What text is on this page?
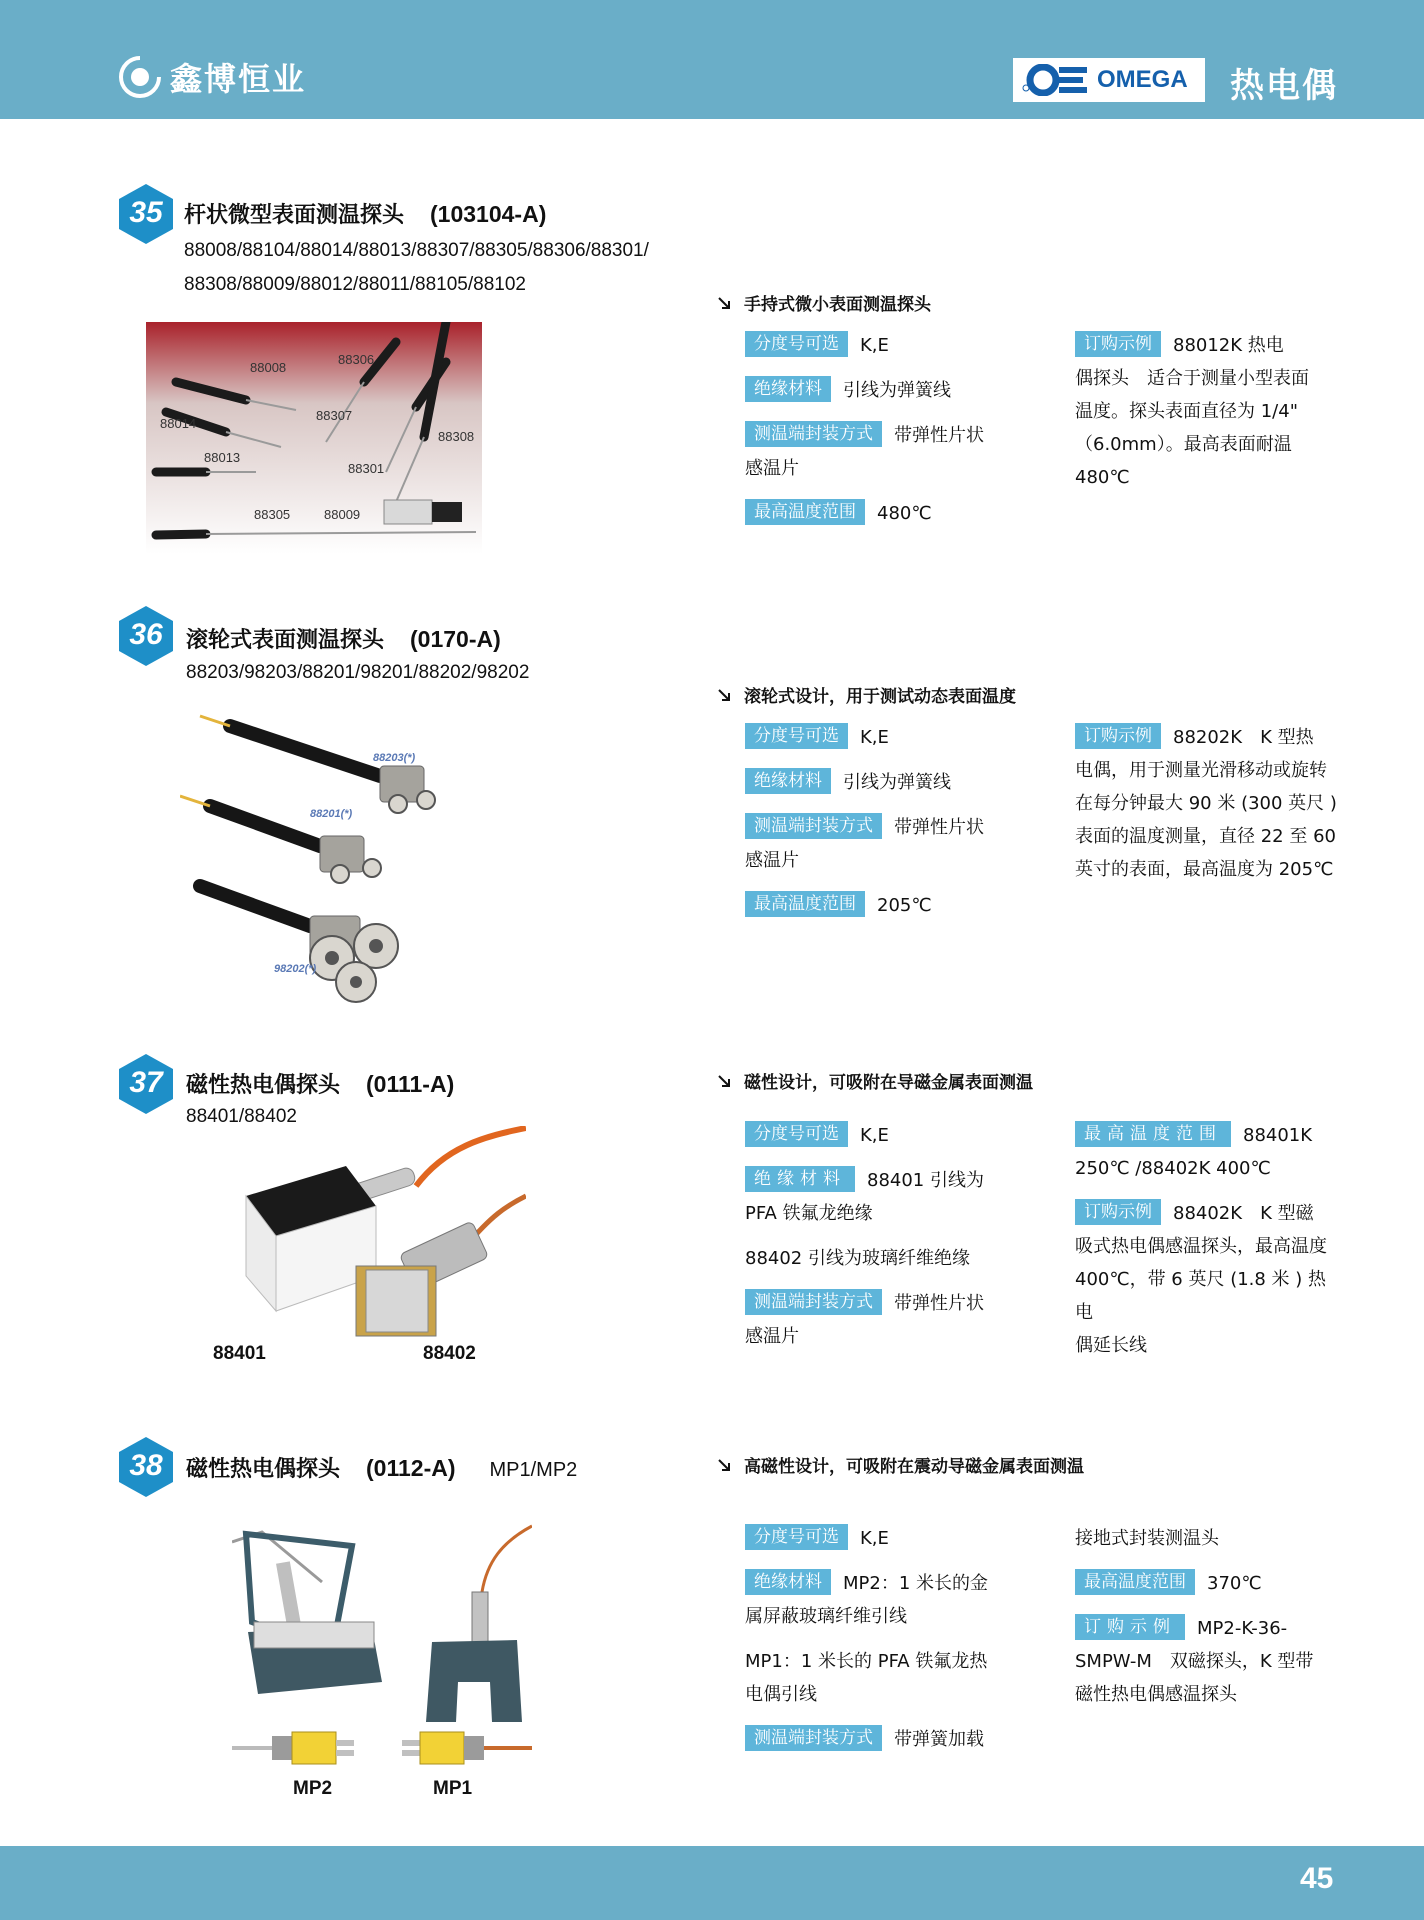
鑫博恒业	OMEGA 热电偶
35 杆状微型表面测温探头 (103104-A)
88008/88104/88014/88013/88307/88305/88306/88301/
88308/88009/88012/88011/88105/88102
88008
88306
88014
88307
88308
88013
88301
88305	88009
手持式微小表面测温探头
分度号可选 K,E
绝缘材料 引线为弹簧线
测温端封装方式 带弹性片状
感温片
最高温度范围 480℃
订购示例 88012K 热电
偶探头　适合于测量小型表面
温度。探头表面直径为 1/4"
（6.0mm）。最高表面耐温
480℃
36	滚轮式表面测温探头 (0170-A)
88203/98203/88201/98201/88202/98202
88203(*)
88201(*)
98202(*)
滚轮式设计，用于测试动态表面温度
分度号可选 K,E
绝缘材料 引线为弹簧线
测温端封装方式 带弹性片状
感温片
最高温度范围 205℃
订购示例 88202K　K 型热
电偶，用于测量光滑移动或旋转
在每分钟最大 90 米 (300 英尺 )
表面的温度测量，直径 22 至 60
英寸的表面，最高温度为 205℃
37	磁性热电偶探头 (0111-A)
88401/88402
88401	88402
磁性设计，可吸附在导磁金属表面测温
分度号可选 K,E
绝缘材料 88401 引线为
PFA 铁氟龙绝缘
88402 引线为玻璃纤维绝缘
测温端封装方式 带弹性片状
感温片
最高温度范围 88401K
250℃ /88402K 400℃
订购示例 88402K　K 型磁
吸式热电偶感温探头，最高温度
400℃，带 6 英尺 (1.8 米 ) 热电
偶延长线
38	磁性热电偶探头 (0112-A) MP1/MP2
MP2	MP1
高磁性设计，可吸附在震动导磁金属表面测温
分度号可选 K,E
绝缘材料 MP2：1 米长的金
属屏蔽玻璃纤维引线
MP1：1 米长的 PFA 铁氟龙热
电偶引线
测温端封装方式 带弹簧加载
接地式封装测温头
最高温度范围 370℃
订购示例 MP2-K-36-
SMPW-M　双磁探头，K 型带
磁性热电偶感温探头
45
